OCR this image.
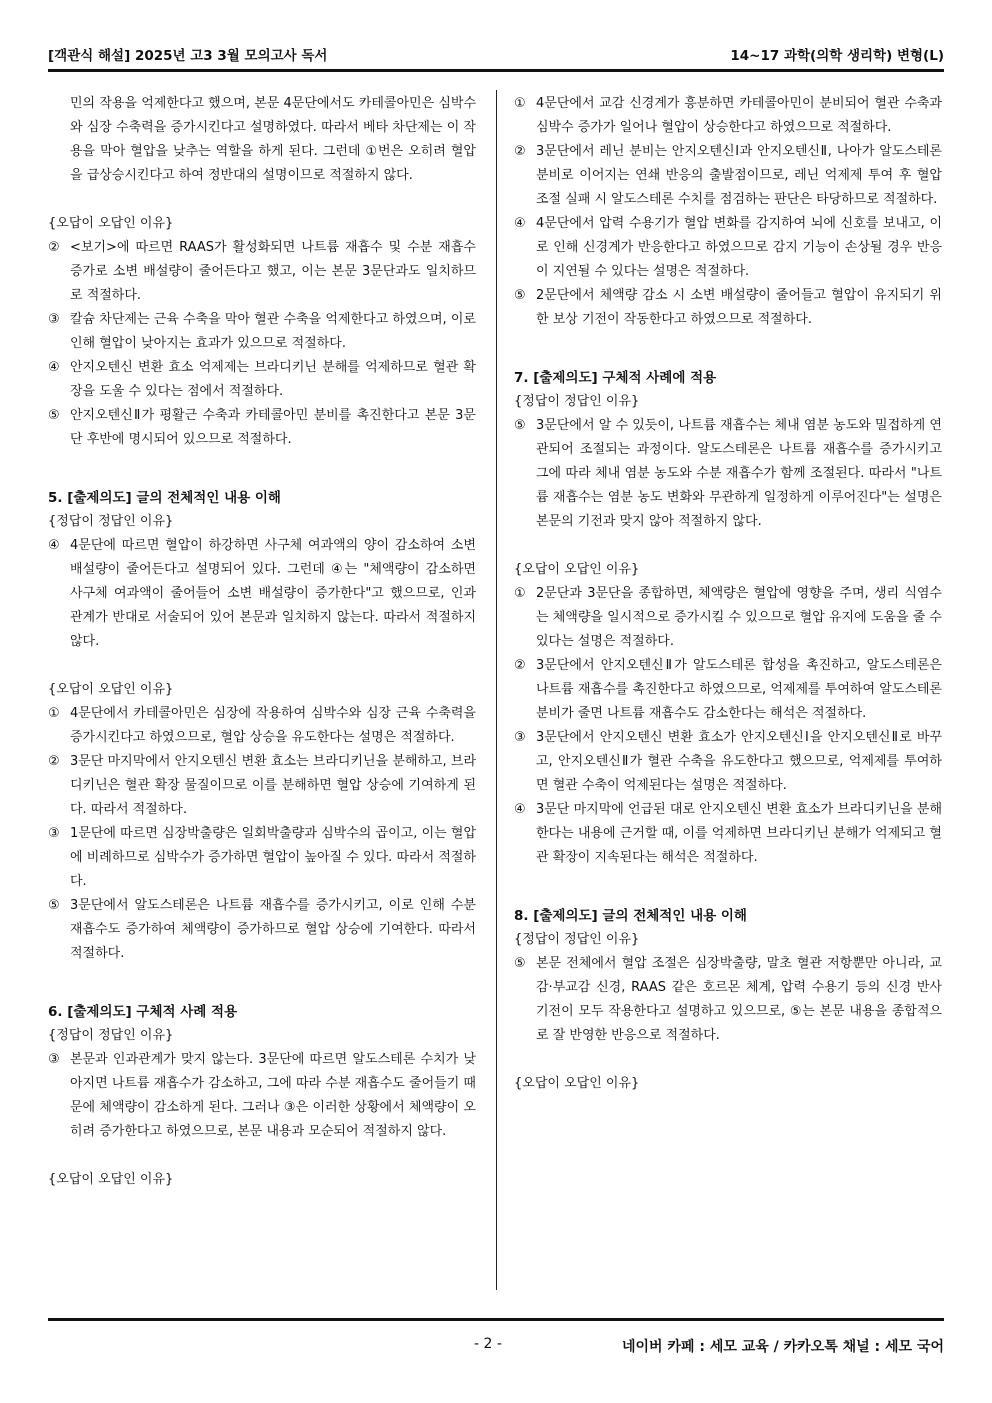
[객관식 해설] 2025년 고3 3월 모의고사 독서	14~17 과학(의학 생리학) 변형(L)
민의 작용을 억제한다고 했으며, 본문 4문단에서도 카테콜아민은 심박수와 심장 수축력을 증가시킨다고 설명하였다. 따라서 베타 차단제는 이 작용을 막아 혈압을 낮추는 역할을 하게 된다. 그런데 ①번은 오히려 혈압을 급상승시킨다고 하여 정반대의 설명이므로 적절하지 않다.
{오답이 오답인 이유}
② <보기>에 따르면 RAAS가 활성화되면 나트륨 재흡수 및 수분 재흡수 증가로 소변 배설량이 줄어든다고 했고, 이는 본문 3문단과도 일치하므로 적절하다.
③ 칼슘 차단제는 근육 수축을 막아 혈관 수축을 억제한다고 하였으며, 이로 인해 혈압이 낮아지는 효과가 있으므로 적절하다.
④ 안지오텐신 변환 효소 억제제는 브라디키닌 분해를 억제하므로 혈관 확장을 도울 수 있다는 점에서 적절하다.
⑤ 안지오텐신Ⅱ가 평활근 수축과 카테콜아민 분비를 촉진한다고 본문 3문단 후반에 명시되어 있으므로 적절하다.
5. [출제의도] 글의 전체적인 내용 이해
{정답이 정답인 이유}
④ 4문단에 따르면 혈압이 하강하면 사구체 여과액의 양이 감소하여 소변 배설량이 줄어든다고 설명되어 있다. 그런데 ④는 "체액량이 감소하면 사구체 여과액이 줄어들어 소변 배설량이 증가한다"고 했으므로, 인과 관계가 반대로 서술되어 있어 본문과 일치하지 않는다. 따라서 적절하지 않다.
{오답이 오답인 이유}
① 4문단에서 카테콜아민은 심장에 작용하여 심박수와 심장 근육 수축력을 증가시킨다고 하였으므로, 혈압 상승을 유도한다는 설명은 적절하다.
② 3문단 마지막에서 안지오텐신 변환 효소는 브라디키닌을 분해하고, 브라디키닌은 혈관 확장 물질이므로 이를 분해하면 혈압 상승에 기여하게 된다. 따라서 적절하다.
③ 1문단에 따르면 심장박출량은 일회박출량과 심박수의 곱이고, 이는 혈압에 비례하므로 심박수가 증가하면 혈압이 높아질 수 있다. 따라서 적절하다.
⑤ 3문단에서 알도스테론은 나트륨 재흡수를 증가시키고, 이로 인해 수분 재흡수도 증가하여 체액량이 증가하므로 혈압 상승에 기여한다. 따라서 적절하다.
6. [출제의도] 구체적 사례 적용
{정답이 정답인 이유}
③ 본문과 인과관계가 맞지 않는다. 3문단에 따르면 알도스테론 수치가 낮아지면 나트륨 재흡수가 감소하고, 그에 따라 수분 재흡수도 줄어들기 때문에 체액량이 감소하게 된다. 그러나 ③은 이러한 상황에서 체액량이 오히려 증가한다고 하였으므로, 본문 내용과 모순되어 적절하지 않다.
{오답이 오답인 이유}
① 4문단에서 교감 신경계가 흥분하면 카테콜아민이 분비되어 혈관 수축과 심박수 증가가 일어나 혈압이 상승한다고 하였으므로 적절하다.
② 3문단에서 레닌 분비는 안지오텐신Ⅰ과 안지오텐신Ⅱ, 나아가 알도스테론 분비로 이어지는 연쇄 반응의 출발점이므로, 레닌 억제제 투여 후 혈압 조절 실패 시 알도스테론 수치를 점검하는 판단은 타당하므로 적절하다.
④ 4문단에서 압력 수용기가 혈압 변화를 감지하여 뇌에 신호를 보내고, 이로 인해 신경계가 반응한다고 하였으므로 감지 기능이 손상될 경우 반응이 지연될 수 있다는 설명은 적절하다.
⑤ 2문단에서 체액량 감소 시 소변 배설량이 줄어들고 혈압이 유지되기 위한 보상 기전이 작동한다고 하였으므로 적절하다.
7. [출제의도] 구체적 사례에 적용
{정답이 정답인 이유}
⑤ 3문단에서 알 수 있듯이, 나트륨 재흡수는 체내 염분 농도와 밀접하게 연관되어 조절되는 과정이다. 알도스테론은 나트륨 재흡수를 증가시키고 그에 따라 체내 염분 농도와 수분 재흡수가 함께 조절된다. 따라서 "나트륨 재흡수는 염분 농도 변화와 무관하게 일정하게 이루어진다"는 설명은 본문의 기전과 맞지 않아 적절하지 않다.
{오답이 오답인 이유}
① 2문단과 3문단을 종합하면, 체액량은 혈압에 영향을 주며, 생리 식염수는 체액량을 일시적으로 증가시킬 수 있으므로 혈압 유지에 도움을 줄 수 있다는 설명은 적절하다.
② 3문단에서 안지오텐신Ⅱ가 알도스테론 합성을 촉진하고, 알도스테론은 나트륨 재흡수를 촉진한다고 하였으므로, 억제제를 투여하여 알도스테론 분비가 줄면 나트륨 재흡수도 감소한다는 해석은 적절하다.
③ 3문단에서 안지오텐신 변환 효소가 안지오텐신Ⅰ을 안지오텐신Ⅱ로 바꾸고, 안지오텐신Ⅱ가 혈관 수축을 유도한다고 했으므로, 억제제를 투여하면 혈관 수축이 억제된다는 설명은 적절하다.
④ 3문단 마지막에 언급된 대로 안지오텐신 변환 효소가 브라디키닌을 분해한다는 내용에 근거할 때, 이를 억제하면 브라디키닌 분해가 억제되고 혈관 확장이 지속된다는 해석은 적절하다.
8. [출제의도] 글의 전체적인 내용 이해
{정답이 정답인 이유}
⑤ 본문 전체에서 혈압 조절은 심장박출량, 말초 혈관 저항뿐만 아니라, 교감·부교감 신경, RAAS 같은 호르몬 체계, 압력 수용기 등의 신경 반사 기전이 모두 작용한다고 설명하고 있으므로, ⑤는 본문 내용을 종합적으로 잘 반영한 반응으로 적절하다.
{오답이 오답인 이유}
- 2 -	네이버 카페 : 세모 교육 / 카카오톡 채널 : 세모 국어
